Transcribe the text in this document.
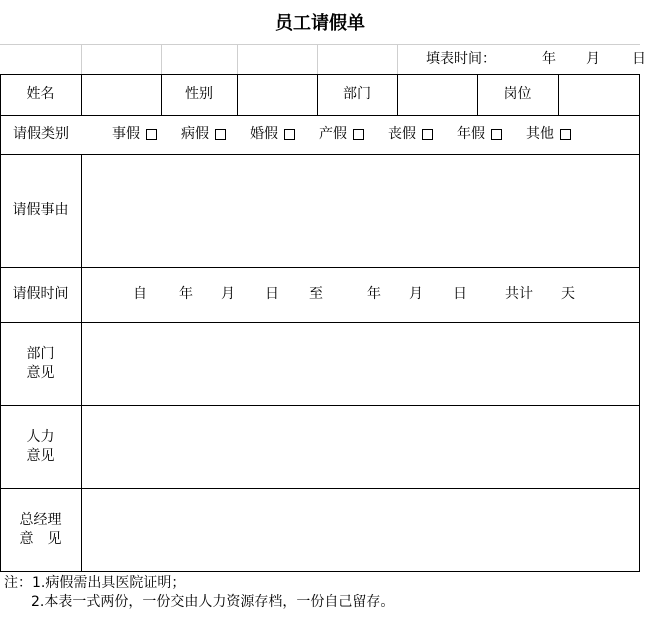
员工请假单
填表时间：	年 月 日
姓名	性别	部门	岗位
请假类别	事假	病假	婚假	产假	丧假	年假	其他
请假事由
请假时间	自 年 月 日 至	年 月 日	共计 天
部门
意见
人力
意见
总经理
意　见
注：1.病假需出具医院证明；
2.本表一式两份，一份交由人力资源存档，一份自己留存。
